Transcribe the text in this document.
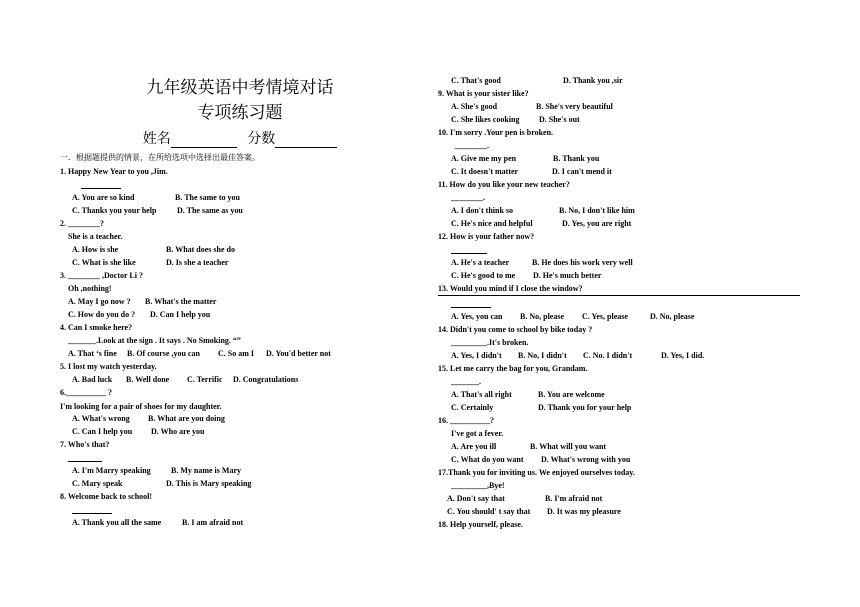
九年级英语中考情境对话
专项练习题
姓名	分数
一．根据题提供的情景，在所给选项中选择出最佳答案。
1. Happy New Year to you ,Jim.
A. You are so kind	B. The same to you
C. Thanks you your help	D. The same as you
2. ________?
She is a teacher.
A. How is she	B. What does she do
C. What is she like	D. Is she a teacher
3. ________ ,Doctor Li ?
Oh ,nothing!
A. May I go now ? B. What's the matter
C. How do you do ? D. Can I help you
4. Can I smoke here?
_______.Look at the sign . It says . No Smoking. “”
A. That ‘s fine B. Of course ,you can C. So am I D. You'd better not
5. I lost my watch yesterday.
A. Bad luck B. Well done C. Terrific D. Congratulations
6.__________ ?
I'm looking for a pair of shoes for my daughter.
A. What's wrong B. What are you doing
C. Can I help you D. Who are you
7. Who's that?
A. I'm Marry speaking	B. My name is Mary
C. Mary speak	D. This is Mary speaking
8. Welcome back to school!
A. Thank you all the same	B. I am afraid not
C. That's good	D. Thank you ,sir
9. What is your sister like?
A. She's good	B. She's very beautiful
C. She likes cooking D. She's out
10. I'm sorry .Your pen is broken.
________.
A. Give me my pen	B. Thank you
C. It doesn't matter	D. I can't mend it
11. How do you like your new teacher?
________.
A. I don't think so	B. No, I don't like him
C. He's nice and helpful	D. Yes, you are right
12. How is your father now?
A. He's a teacher	B. He does his work very well
C. He's good to me D. He's much better
13. Would you mind if I close the window?
A. Yes, you can B. No, please C. Yes, please	D. No, please
14. Didn't you come to school by bike today ?
_________.It's broken.
A. Yes, I didn't B. No, I didn't C. No. I didn't	D. Yes, I did.
15. Let me carry the bag for you, Grandam.
_______.
A. That's all right	B. You are welcome
C. Certainly	D. Thank you for your help
16. __________?
I've got a fever.
A. Are you ill	B. What will you want
C. What do you want D. What's wrong with you
17.Thank you for inviting us. We enjoyed ourselves today.
_________,Bye!
A. Don't say that	B. I'm afraid not
C. You should' t say that D. It was my pleasure
18. Help yourself, please.
